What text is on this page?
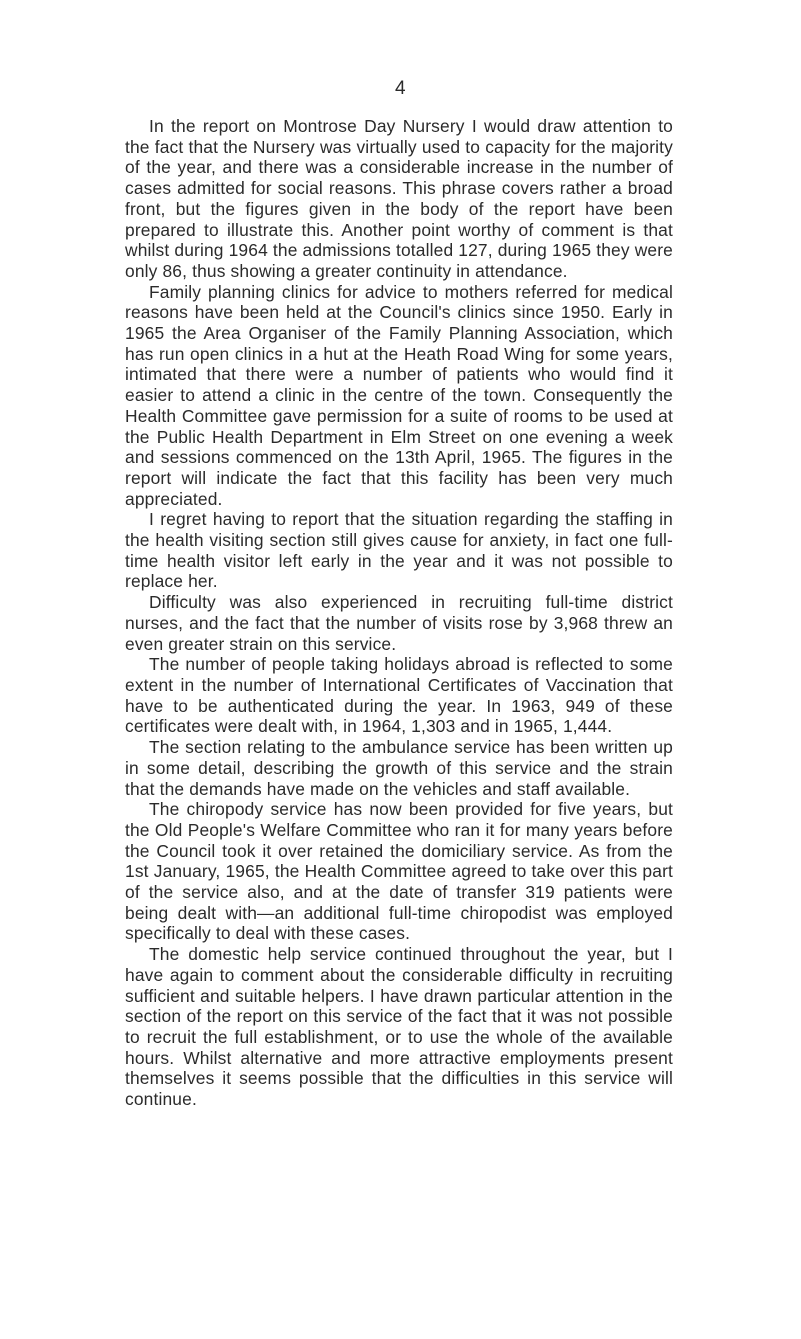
4

In the report on Montrose Day Nursery I would draw attention to the fact that the Nursery was virtually used to capacity for the majority of the year, and there was a considerable increase in the number of cases admitted for social reasons. This phrase covers rather a broad front, but the figures given in the body of the report have been prepared to illustrate this. Another point worthy of comment is that whilst during 1964 the admissions totalled 127, during 1965 they were only 86, thus showing a greater continuity in attendance.

Family planning clinics for advice to mothers referred for medical reasons have been held at the Council's clinics since 1950. Early in 1965 the Area Organiser of the Family Planning Association, which has run open clinics in a hut at the Heath Road Wing for some years, intimated that there were a number of patients who would find it easier to attend a clinic in the centre of the town. Consequently the Health Committee gave permission for a suite of rooms to be used at the Public Health Department in Elm Street on one evening a week and sessions commenced on the 13th April, 1965. The figures in the report will indicate the fact that this facility has been very much appreciated.

I regret having to report that the situation regarding the staffing in the health visiting section still gives cause for anxiety, in fact one full-time health visitor left early in the year and it was not possible to replace her.

Difficulty was also experienced in recruiting full-time district nurses, and the fact that the number of visits rose by 3,968 threw an even greater strain on this service.

The number of people taking holidays abroad is reflected to some extent in the number of International Certificates of Vaccination that have to be authenticated during the year. In 1963, 949 of these certificates were dealt with, in 1964, 1,303 and in 1965, 1,444.

The section relating to the ambulance service has been written up in some detail, describing the growth of this service and the strain that the demands have made on the vehicles and staff available.

The chiropody service has now been provided for five years, but the Old People's Welfare Committee who ran it for many years before the Council took it over retained the domiciliary service. As from the 1st January, 1965, the Health Committee agreed to take over this part of the service also, and at the date of transfer 319 patients were being dealt with—an additional full-time chiropodist was employed specifically to deal with these cases.

The domestic help service continued throughout the year, but I have again to comment about the considerable difficulty in recruiting sufficient and suitable helpers. I have drawn particular attention in the section of the report on this service of the fact that it was not possible to recruit the full establishment, or to use the whole of the available hours. Whilst alternative and more attractive employments present themselves it seems possible that the difficulties in this service will continue.
